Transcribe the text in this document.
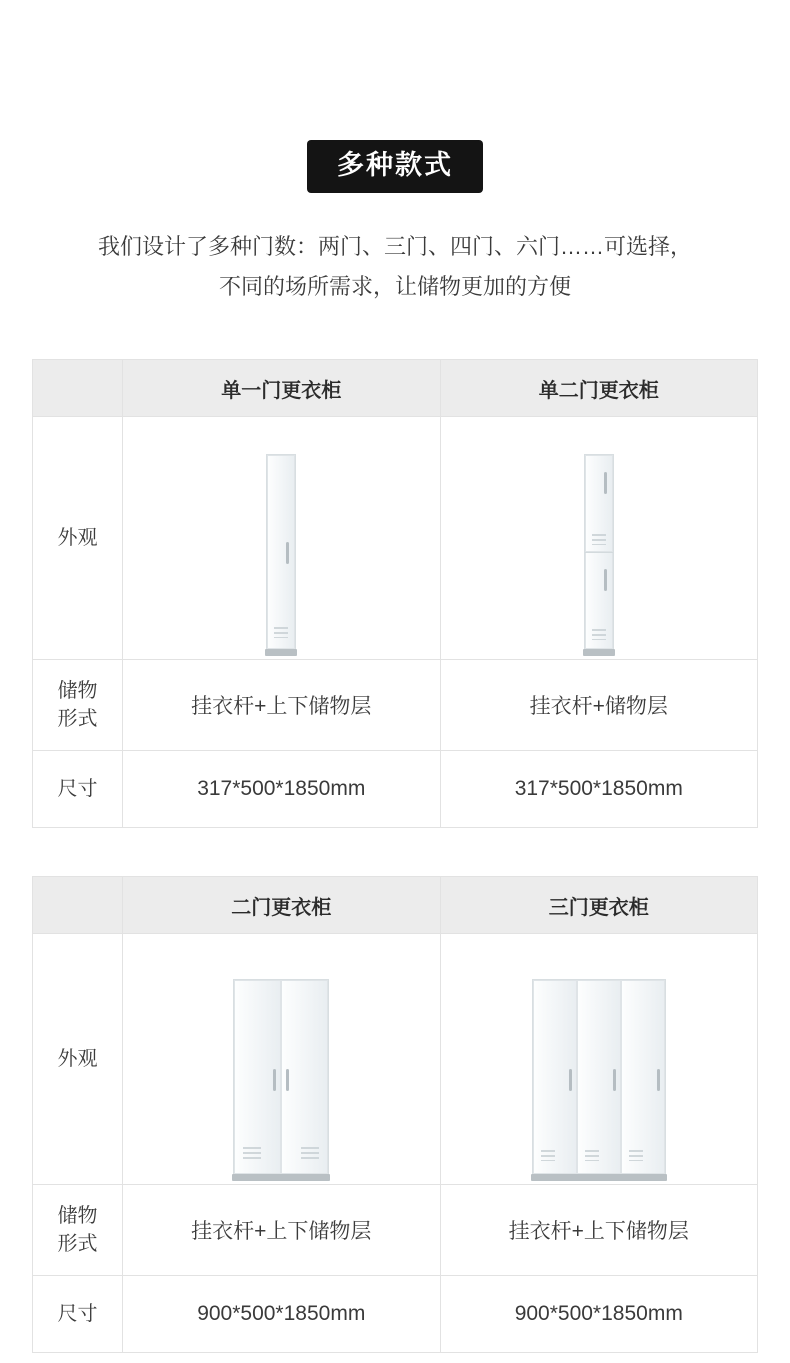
多种款式
我们设计了多种门数：两门、三门、四门、六门……可选择，
不同的场所需求，让储物更加的方便
	单一门更衣柜	单二门更衣柜
外观	

储物
形式	挂衣杆+上下储物层	挂衣杆+储物层
尺寸	317*500*1850mm	317*500*1850mm
	二门更衣柜	三门更衣柜
外观	

储物
形式	挂衣杆+上下储物层	挂衣杆+上下储物层
尺寸	900*500*1850mm	900*500*1850mm
